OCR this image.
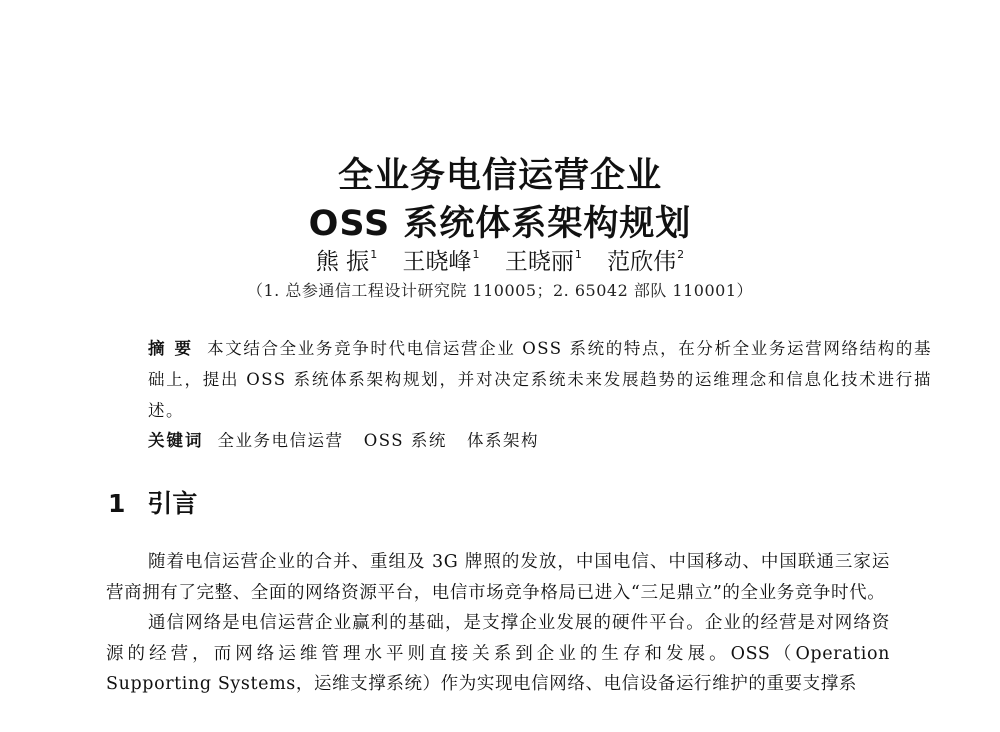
全业务电信运营企业
OSS 系统体系架构规划
熊 振$^1$ 王晓峰$^1$ 王晓丽$^1$ 范欣伟$^2$
（1. 总参通信工程设计研究院 110005；2. 65042 部队 110001）
摘 要 本文结合全业务竞争时代电信运营企业 OSS 系统的特点，在分析全业务运营网络结构的基础上，提出 OSS 系统体系架构规划，并对决定系统未来发展趋势的运维理念和信息化技术进行描述。
关键词 全业务电信运营   OSS 系统   体系架构
1 引言

随着电信运营企业的合并、重组及 3G 牌照的发放，中国电信、中国移动、中国联通三家运营商拥有了完整、全面的网络资源平台，电信市场竞争格局已进入“三足鼎立”的全业务竞争时代。

通信网络是电信运营企业赢利的基础，是支撑企业发展的硬件平台。企业的经营是对网络资源的经营，而网络运维管理水平则直接关系到企业的生存和发展。OSS（Operation Supporting Systems，运维支撑系统）作为实现电信网络、电信设备运行维护的重要支撑系
